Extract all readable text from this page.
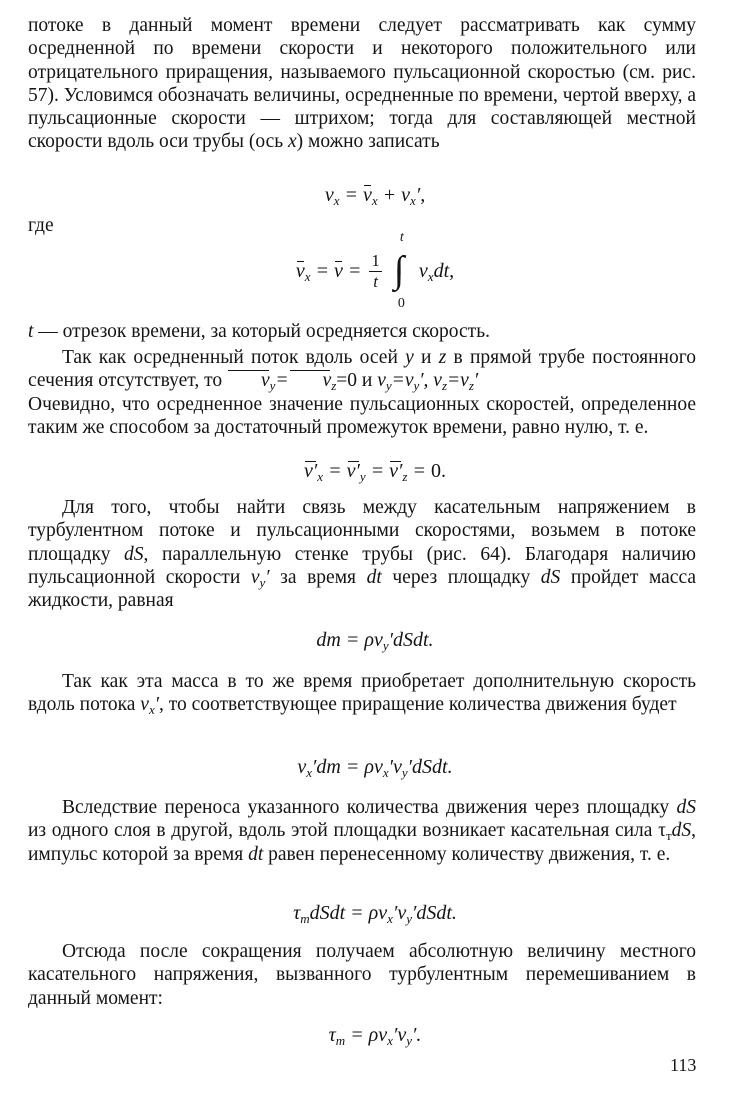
потоке в данный момент времени следует рассматривать как сумму осредненной по времени скорости и некоторого положительного или отрицательного приращения, называемого пульсационной скоростью (см. рис. 57). Условимся обозначать величины, осредненные по времени, чертой вверху, а пульсационные скорости — штрихом; тогда для составляющей местной скорости вдоль оси трубы (ось x) можно записать

$v_x = v_x + v_x'$,

где

$v_x = v = \frac{1}{t}$

t
∫
0
$v_xdt$,

t — отрезок времени, за который осредняется скорость.

Так как осредненный поток вдоль осей y и z в прямой трубе постоянного сечения отсутствует, то $v_y= v_z=0$ и $v_y=v_y'$, $v_z=v_z'$

Очевидно, что осредненное значение пульсационных скоростей, определенное таким же способом за достаточный промежуток времени, равно нулю, т. е.

$v'_x = v'_y = v'_z = 0$.

Для того, чтобы найти связь между касательным напряжением в турбулентном потоке и пульсационными скоростями, возьмем в потоке площадку dS, параллельную стенке трубы (рис. 64). Благодаря наличию пульсационной скорости $v_y'$ за время dt через площадку dS пройдет масса жидкости, равная

dm = $\rho v_y'dSdt$.

Так как эта масса в то же время приобретает дополнительную скорость вдоль потока $v_x'$, то соответствующее приращение количества движения будет

$v_x'dm$ = $\rho v_x'v_y'dSdt$.

Вследствие переноса указанного количества движения через площадку dS из одного слоя в другой, вдоль этой площадки возникает касательная сила $\tau_тdS$, импульс которой за время dt равен перенесенному количеству движения, т. е.

$\tau_тdSdt$ = $\rho v_x'v_y'dSdt$.

Отсюда после сокращения получаем абсолютную величину местного касательного напряжения, вызванного турбулентным перемешиванием в данный момент:

$\tau_т = \rho v_x'v_y'$.
113
